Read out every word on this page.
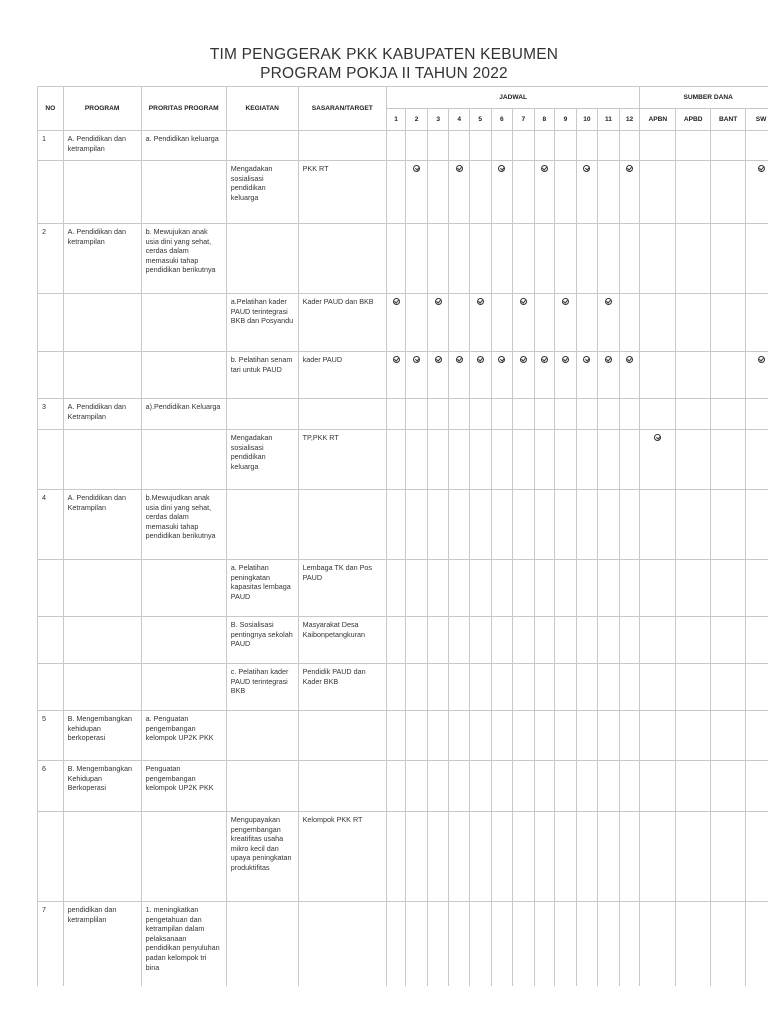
TIM PENGGERAK PKK KABUPATEN KEBUMEN
PROGRAM POKJA II TAHUN 2022
NO	PROGRAM	PRORITAS PROGRAM	KEGIATAN	SASARAN/TARGET	JADWAL												SUMBER DANA			
					1	2	3	4	5	6	7	8	9	10	11	12	APBN	APBD	BANT	SW
1	A. Pendidikan dan ketrampilan	a. Pendidikan keluarga																		
			Mengadakan sosialisasi pendidikan keluarga	PKK RT																
2	A. Pendidikan dan ketrampilan	b. Mewujukan anak usia dini yang sehat, cerdas dalam memasuki tahap pendidikan berikutnya																		
			a.Pelatihan kader PAUD terintegrasi BKB dan Posyandu	Kader PAUD dan BKB																
			b. Pelatihan senam tari untuk PAUD	kader PAUD																
3	A. Pendidikan dan Ketrampilan	a).Pendidikan Keluarga																		
			Mengadakan sosialisasi pendidikan keluarga	TP,PKK RT																
4	A. Pendidikan dan Ketrampilan	b.Mewujudkan anak usia dini yang sehat, cerdas dalam memasuki tahap pendidikan berikutnya																		
			a. Pelatihan peningkatan kapasitas lembaga PAUD	Lembaga TK dan Pos PAUD																
			B. Sosialisasi pentingnya sekolah PAUD	Masyarakat Desa Kaibonpetangkuran																
			c. Pelatihan kader PAUD terintegrasi BKB	Pendidik PAUD dan Kader BKB																
5	B. Mengembangkan kehidupan berkoperasi	a. Penguatan pengembangan kelompok UP2K PKK																		
6	B. Mengembangkan Kehidupan Berkoperasi	Penguatan pengembangan kelompok UP2K PKK																		
			Mengupayakan pengembangan kreatifitas usaha mikro kecil dan upaya peningkatan produktifitas	Kelompok PKK RT																
7	pendidikan dan ketramplilan	1. meningkatkan pengetahuan dan ketrampilan dalam pelaksanaan pendidikan penyuluhan padan kelompok tri bina																		
